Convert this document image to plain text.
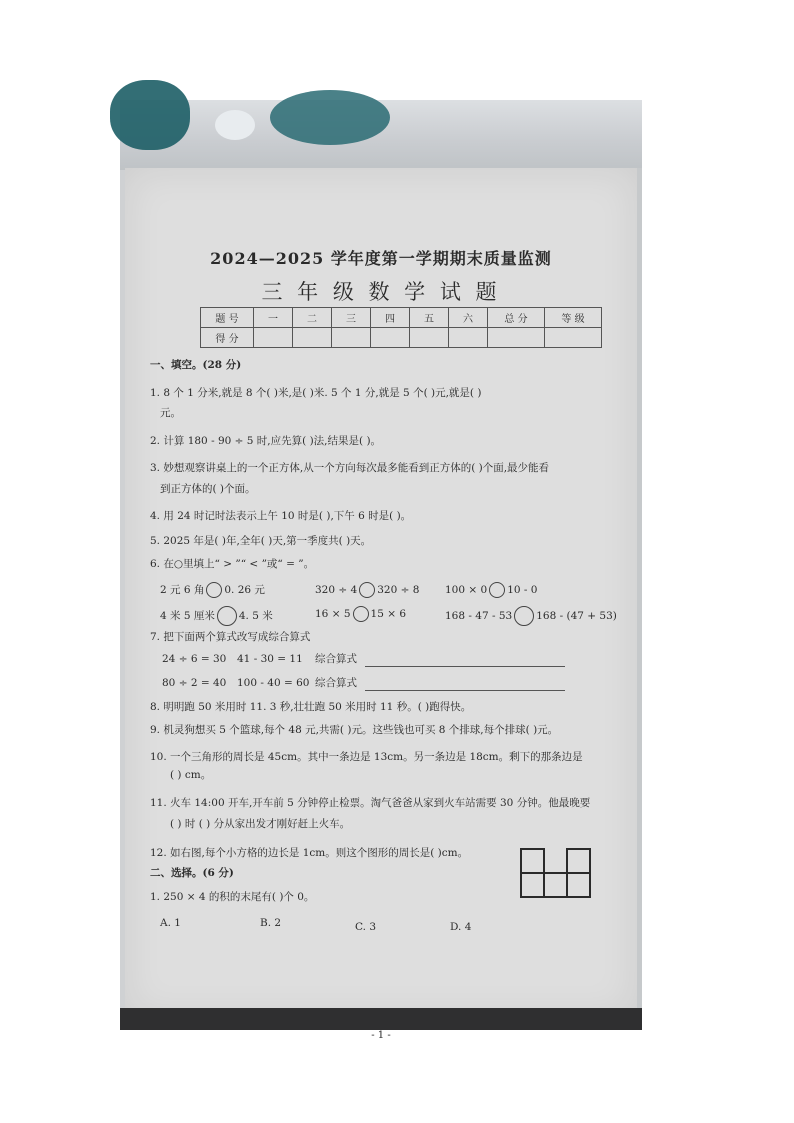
2024—2025 学年度第一学期期末质量监测
三 年 级 数 学 试 题
题 号	一	二	三	四	五	六	总 分	等 级
得 分								
一、填空。(28 分)
1. 8 个 1 分米,就是 8 个( )米,是( )米. 5 个 1 分,就是 5 个( )元,就是( )
元。
2. 计算 180 - 90 ÷ 5 时,应先算( )法,结果是( )。
3. 妙想观察讲桌上的一个正方体,从一个方向每次最多能看到正方体的( )个面,最少能看
到正方体的( )个面。
4. 用 24 时记时法表示上午 10 时是( ),下午 6 时是( )。
5. 2025 年是( )年,全年( )天,第一季度共( )天。
6. 在○里填上“ > ”“ < ”或“ = ”。
2 元 6 角 0. 26 元	320 ÷ 4 320 ÷ 8 100 × 0 10 - 0
4 米 5 厘米 4. 5 米	16 × 5 15 × 6	168 - 47 - 53 168 - (47 + 53)
7. 把下面两个算式改写成综合算式
24 ÷ 6 = 30 41 - 30 = 11 综合算式
80 ÷ 2 = 40 100 - 40 = 60 综合算式
8. 明明跑 50 米用时 11. 3 秒,壮壮跑 50 米用时 11 秒。( )跑得快。
9. 机灵狗想买 5 个篮球,每个 48 元,共需( )元。这些钱也可买 8 个排球,每个排球( )元。
10. 一个三角形的周长是 45cm。其中一条边是 13cm。另一条边是 18cm。剩下的那条边是
( ) cm。
11. 火车 14:00 开车,开车前 5 分钟停止检票。淘气爸爸从家到火车站需要 30 分钟。他最晚要
( ) 时 ( ) 分从家出发才刚好赶上火车。
12. 如右图,每个小方格的边长是 1cm。则这个图形的周长是( )cm。
二、选择。(6 分)
1. 250 × 4 的积的末尾有( )个 0。
A. 1	B. 2	C. 3	D. 4
- 1 -
